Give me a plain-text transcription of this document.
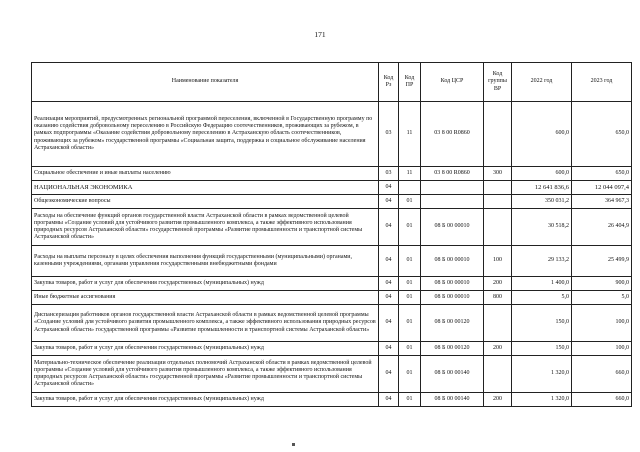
171
Наименование показателя	Код Рз	Код ПР	Код ЦСР	Код группы ВР	2022 год	2023 год
Реализация мероприятий, предусмотренных региональной программой переселения, включенной в Государственную программу по оказанию содействия добровольному переселению в Российскую Федерацию соотечественников, проживающих за рубежом, в рамках подпрограммы «Оказание содействия добровольному переселению в Астраханскую область соотечественников, проживающих за рубежом» государственной программы «Социальная защита, поддержка и социальное обслуживание населения Астраханской области»	03	11	03 8 00 R0860		600,0	650,0
Социальное обеспечение и иные выплаты населению	03	11	03 8 00 R0860	300	600,0	650,0
НАЦИОНАЛЬНАЯ ЭКОНОМИКА	04				12 641 836,6	12 044 097,4
Общеэкономические вопросы	04	01			350 031,2	364 967,3
Расходы на обеспечение функций органов государственной власти Астраханской области в рамках ведомственной целевой программы «Создание условий для устойчивого развития промышленного комплекса, а также эффективного использования природных ресурсов Астраханской области» государственной программы «Развитие промышленности и транспортной системы Астраханской области»	04	01	08 Б 00 00010		30 518,2	26 404,9
Расходы на выплаты персоналу в целях обеспечения выполнения функций государственными (муниципальными) органами, казенными учреждениями, органами управления государственными внебюджетными фондами	04	01	08 Б 00 00010	100	29 133,2	25 499,9
Закупка товаров, работ и услуг для обеспечения государственных (муниципальных) нужд	04	01	08 Б 00 00010	200	1 400,0	900,0
Иные бюджетные ассигнования	04	01	08 Б 00 00010	800	5,0	5,0
Диспансеризация работников органов государственной власти Астраханской области в рамках ведомственной целевой программы «Создание условий для устойчивого развития промышленного комплекса, а также эффективного использования природных ресурсов Астраханской области» государственной программы «Развитие промышленности и транспортной системы Астраханской области»	04	01	08 Б 00 00120		150,0	100,0
Закупка товаров, работ и услуг для обеспечения государственных (муниципальных) нужд	04	01	08 Б 00 00120	200	150,0	100,0
Материально-техническое обеспечение реализации отдельных полномочий Астраханской области в рамках ведомственной целевой программы «Создание условий для устойчивого развития промышленного комплекса, а также эффективного использования природных ресурсов Астраханской области» государственной программы «Развитие промышленности и транспортной системы Астраханской области»	04	01	08 Б 00 00140		1 320,0	660,0
Закупка товаров, работ и услуг для обеспечения государственных (муниципальных) нужд	04	01	08 Б 00 00140	200	1 320,0	660,0
